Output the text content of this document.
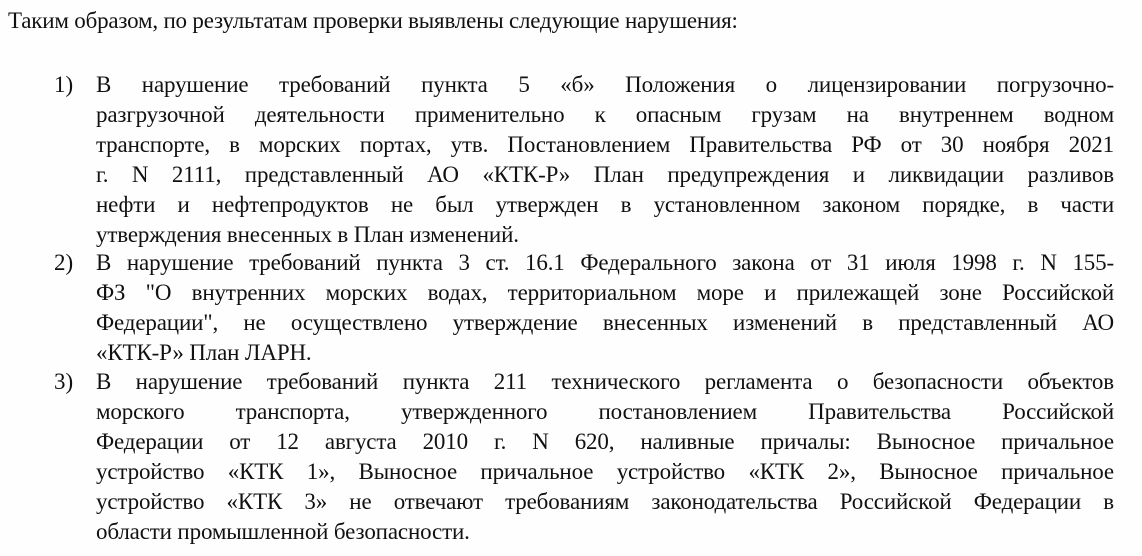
Таким образом, по результатам проверки выявлены следующие нарушения:
1) В нарушение требований пункта 5 «б» Положения о лицензировании погрузочно-
разгрузочной деятельности применительно к опасным грузам на внутреннем водном
транспорте, в морских портах, утв. Постановлением Правительства РФ от 30 ноября 2021
г. N 2111, представленный АО «КТК-Р» План предупреждения и ликвидации разливов
нефти и нефтепродуктов не был утвержден в установленном законом порядке, в части
утверждения внесенных в План изменений.
2) В нарушение требований пункта 3 ст. 16.1 Федерального закона от 31 июля 1998 г. N 155-
ФЗ "О внутренних морских водах, территориальном море и прилежащей зоне Российской
Федерации", не осуществлено утверждение внесенных изменений в представленный АО
«КТК-Р» План ЛАРН.
3) В нарушение требований пункта 211 технического регламента о безопасности объектов
морского транспорта, утвержденного постановлением Правительства Российской
Федерации от 12 августа 2010 г. N 620, наливные причалы: Выносное причальное
устройство «КТК 1», Выносное причальное устройство «КТК 2», Выносное причальное
устройство «КТК 3» не отвечают требованиям законодательства Российской Федерации в
области промышленной безопасности.
